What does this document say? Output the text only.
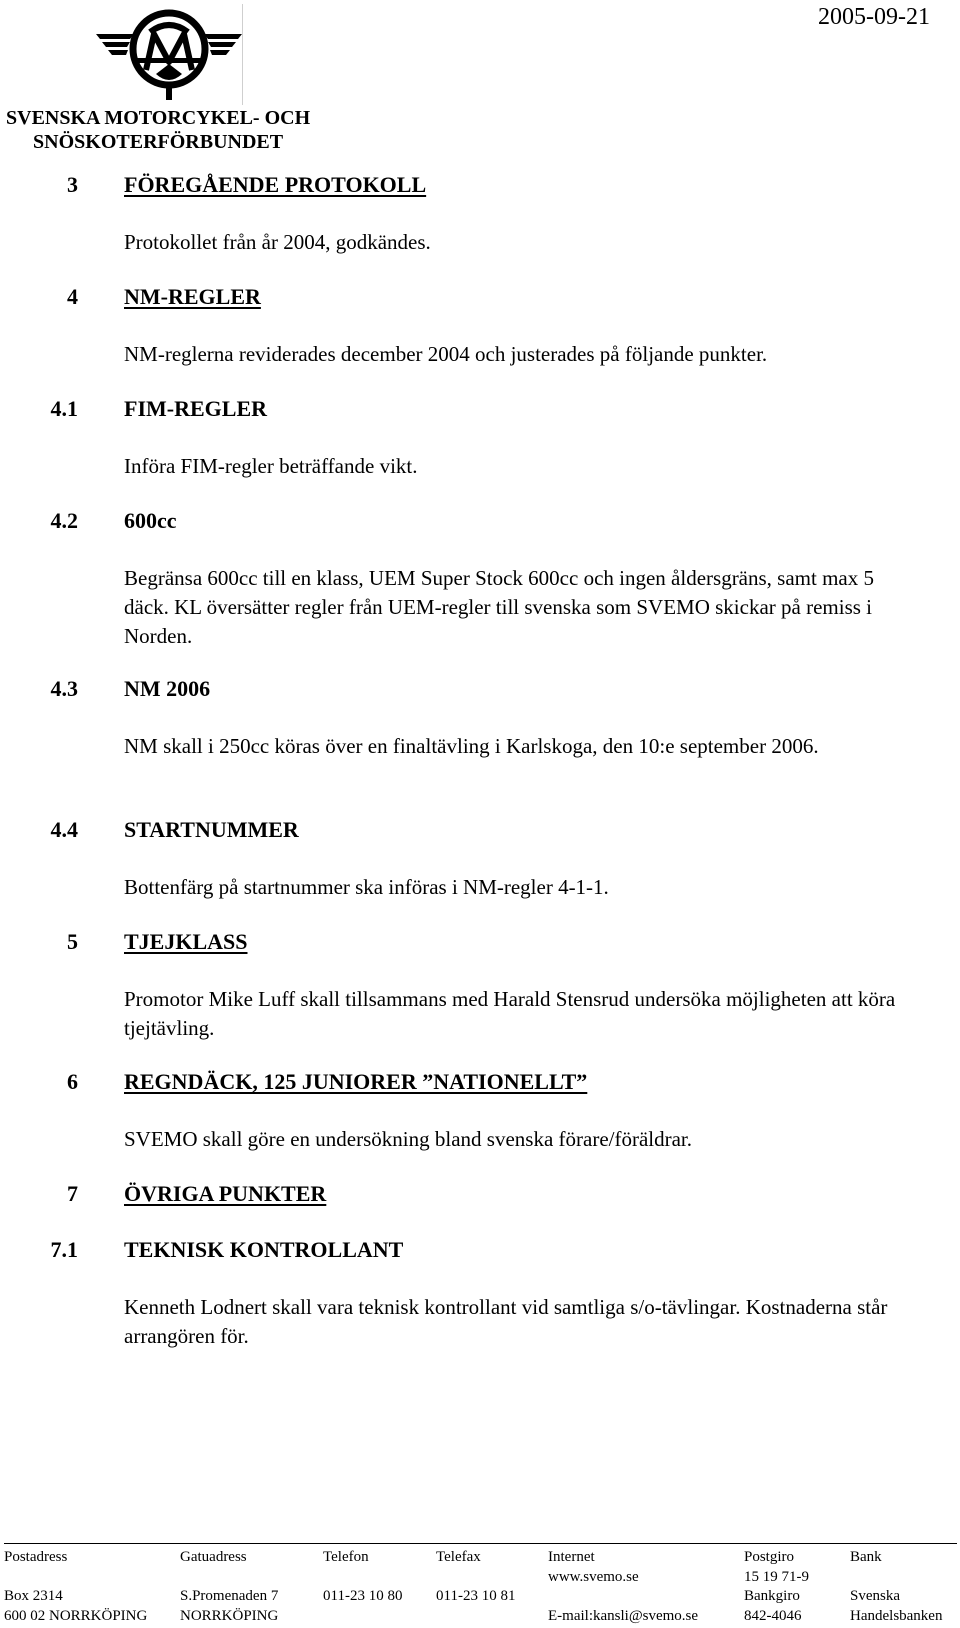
SVENSKA MOTORCYKEL- OCH
SNÖSKOTERFÖRBUNDET
2005-09-21
3 FÖREGÅENDE PROTOKOLL
Protokollet från år 2004, godkändes.
4 NM-REGLER
NM-reglerna reviderades december 2004 och justerades på följande punkter.
4.1 FIM-REGLER
Införa FIM-regler beträffande vikt.
4.2 600cc
Begränsa 600cc till en klass, UEM Super Stock 600cc och ingen åldersgräns, samt max 5 däck. KL översätter regler från UEM-regler till svenska som SVEMO skickar på remiss i Norden.
4.3 NM 2006
NM skall i 250cc köras över en finaltävling i Karlskoga, den 10:e september 2006.
4.4 STARTNUMMER
Bottenfärg på startnummer ska införas i NM-regler 4-1-1.
5 TJEJKLASS
Promotor Mike Luff skall tillsammans med Harald Stensrud undersöka möjligheten att köra tjejtävling.
6 REGNDÄCK, 125 JUNIORER ”NATIONELLT”
SVEMO skall göre en undersökning bland svenska förare/föräldrar.
7 ÖVRIGA PUNKTER
7.1 TEKNISK KONTROLLANT
Kenneth Lodnert skall vara teknisk kontrollant vid samtliga s/o-tävlingar. Kostnaderna står arrangören för.
Postadress

Box 2314
600 02 NORRKÖPING
Gatuadress

S.Promenaden 7
NORRKÖPING
Telefon

011-23 10 80
Telefax

011-23 10 81
Internet
www.svemo.se

E-mail:kansli@svemo.se
Postgiro
15 19 71-9
Bankgiro
842-4046
Bank

Svenska
Handelsbanken
